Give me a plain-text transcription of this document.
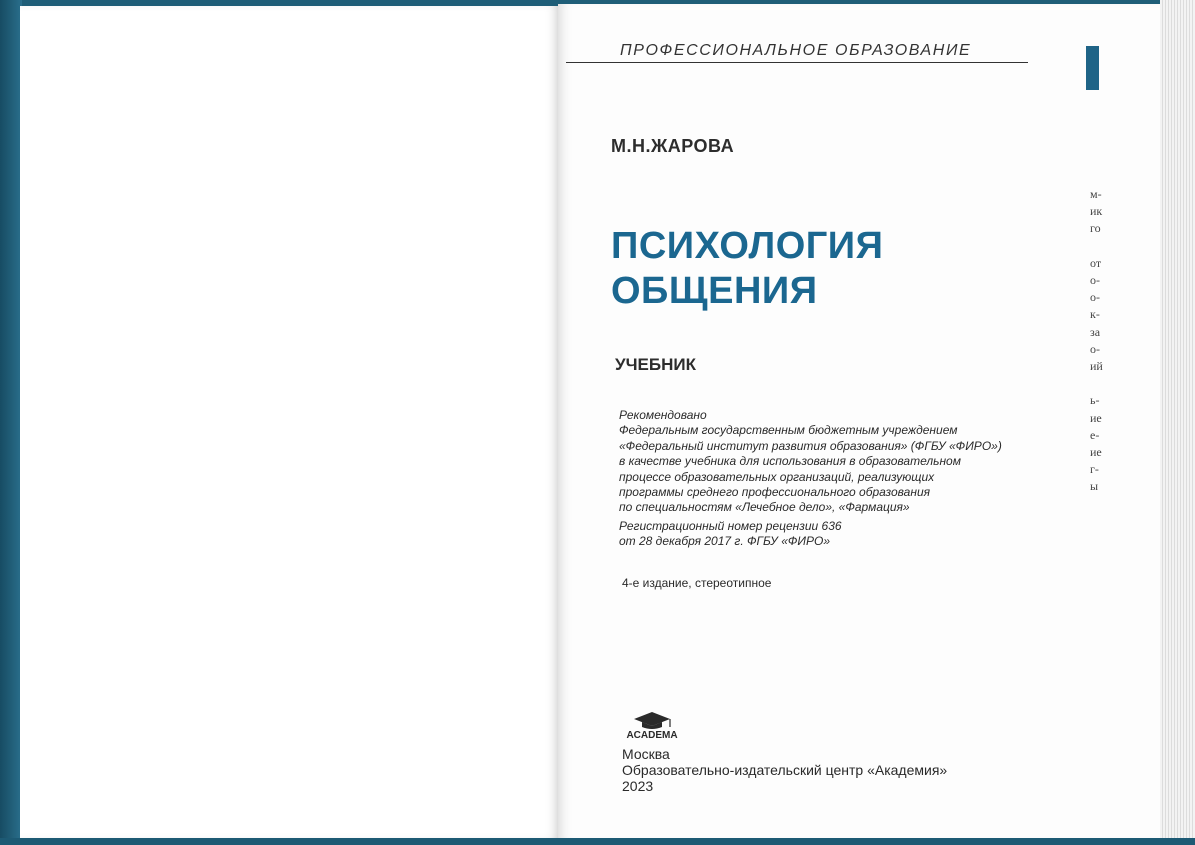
ПРОФЕССИОНАЛЬНОЕ ОБРАЗОВАНИЕ
М.Н.ЖАРОВА
ПСИХОЛОГИЯ
ОБЩЕНИЯ
УЧЕБНИК
Рекомендовано
Федеральным государственным бюджетным учреждением
«Федеральный институт развития образования» (ФГБУ «ФИРО»)
в качестве учебника для использования в образовательном
процессе образовательных организаций, реализующих
программы среднего профессионального образования
по специальностям «Лечебное дело», «Фармация»
Регистрационный номер рецензии 636
от 28 декабря 2017 г. ФГБУ «ФИРО»
4-е издание, стереотипное
ACADEMA
Москва
Образовательно-издательский центр «Академия»
2023
м-
ик
го

от
о-
о-
к-
за
о-
ий

ь-
ие
е-
ие
г-
ы
